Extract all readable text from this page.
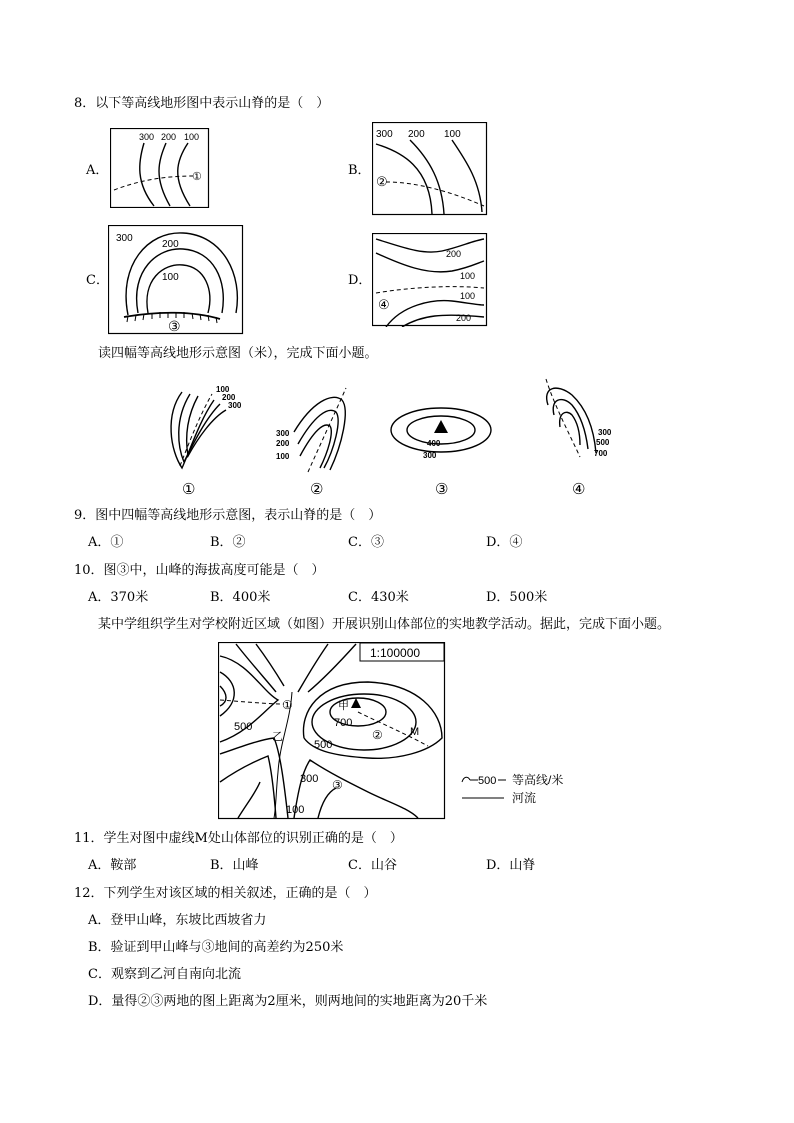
8．以下等高线地形图中表示山脊的是（　）
A．
300 200 100
①	B．
300 200 100
②
C．
300
200
100
③
D．
200
100
100
200
④
读四幅等高线地形示意图（米），完成下面小题。
100
200
300
①
300
200
100
②
400
300
③
300
500
700
④
9．图中四幅等高线地形示意图，表示山脊的是（　）
A．①	B．②	C．③	D．④
10．图③中，山峰的海拔高度可能是（　）
A．370米	B．400米	C．430米	D．500米
某中学组织学生对学校附近区域（如图）开展识别山体部位的实地教学活动。据此，完成下面小题。
1:100000
甲
700
500
M
②
500
300 ③
100
乙
①
500 等高线/米
河流
11．学生对图中虚线M处山体部位的识别正确的是（　）
A．鞍部	B．山峰	C．山谷	D．山脊
12．下列学生对该区域的相关叙述，正确的是（　）
A．登甲山峰，东坡比西坡省力
B．验证到甲山峰与③地间的高差约为250米
C．观察到乙河自南向北流
D．量得②③两地的图上距离为2厘米，则两地间的实地距离为20千米
